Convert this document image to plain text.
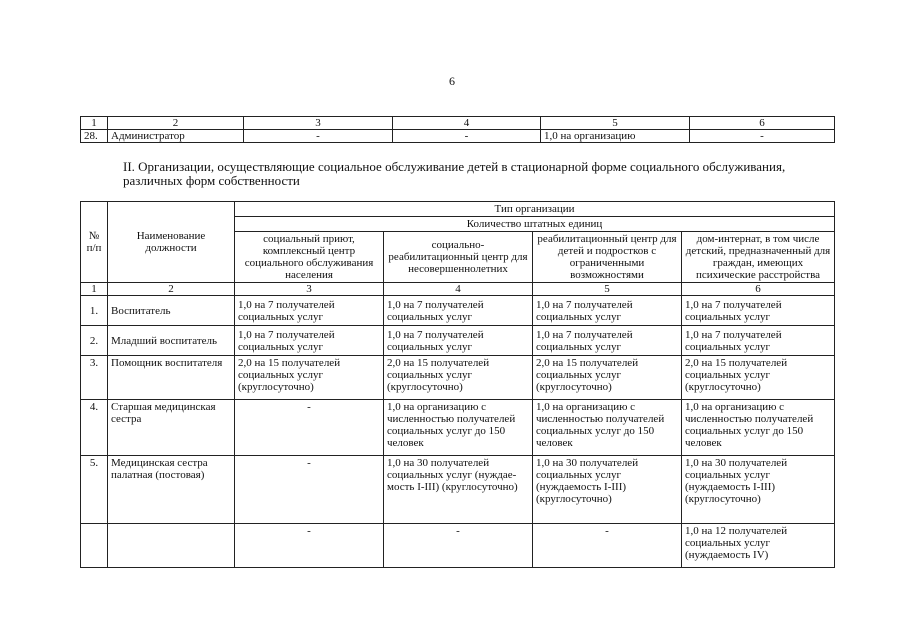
6
1	2	3	4	5	6
28.	Администратор	-	-	1,0 на организацию	-
II. Организации, осуществляющие социальное обслуживание детей в стационарной форме социального обслуживания, различных форм собственности
№ п/п	Наименование должности	Тип организации			
		Количество штатных единиц			
		социальный приют, комплексный центр социального обслуживания населения	социально-реабилитационный центр для несовершеннолетних	реабилитационный центр для детей и подростков с ограниченными возможностями	дом-интернат, в том числе детский, предназначенный для граждан, имеющих психические расстройства
1	2	3	4	5	6
1.	Воспитатель	1,0 на 7 получателей социальных услуг	1,0 на 7 получателей социальных услуг	1,0 на 7 получателей социальных услуг	1,0 на 7 получателей социальных услуг
2.	Младший воспитатель	1,0 на 7 получателей социальных услуг	1,0 на 7 получателей социальных услуг	1,0 на 7 получателей социальных услуг	1,0 на 7 получателей социальных услуг
3.	Помощник воспитателя	2,0 на 15 получателей социальных услуг (круглосуточно)	2,0 на 15 получателей социальных услуг (круглосуточно)	2,0 на 15 получателей социальных услуг (круглосуточно)	2,0 на 15 получателей социальных услуг (круглосуточно)
4.	Старшая медицинская сестра	-	1,0 на организацию с численностью получателей социальных услуг до 150 человек	1,0 на организацию с численностью получателей социальных услуг до 150 человек	1,0 на организацию с численностью получателей социальных услуг до 150 человек
5.	Медицинская сестра палатная (постовая)	-	1,0 на 30 получателей социальных услуг (нуждае-мость I-III) (круглосуточно)	1,0 на 30 получателей социальных услуг (нуждаемость I-III) (круглосуточно)	1,0 на 30 получателей социальных услуг (нуждаемость I-III) (круглосуточно)
		-	-	-	1,0 на 12 получателей социальных услуг (нуждаемость IV)
